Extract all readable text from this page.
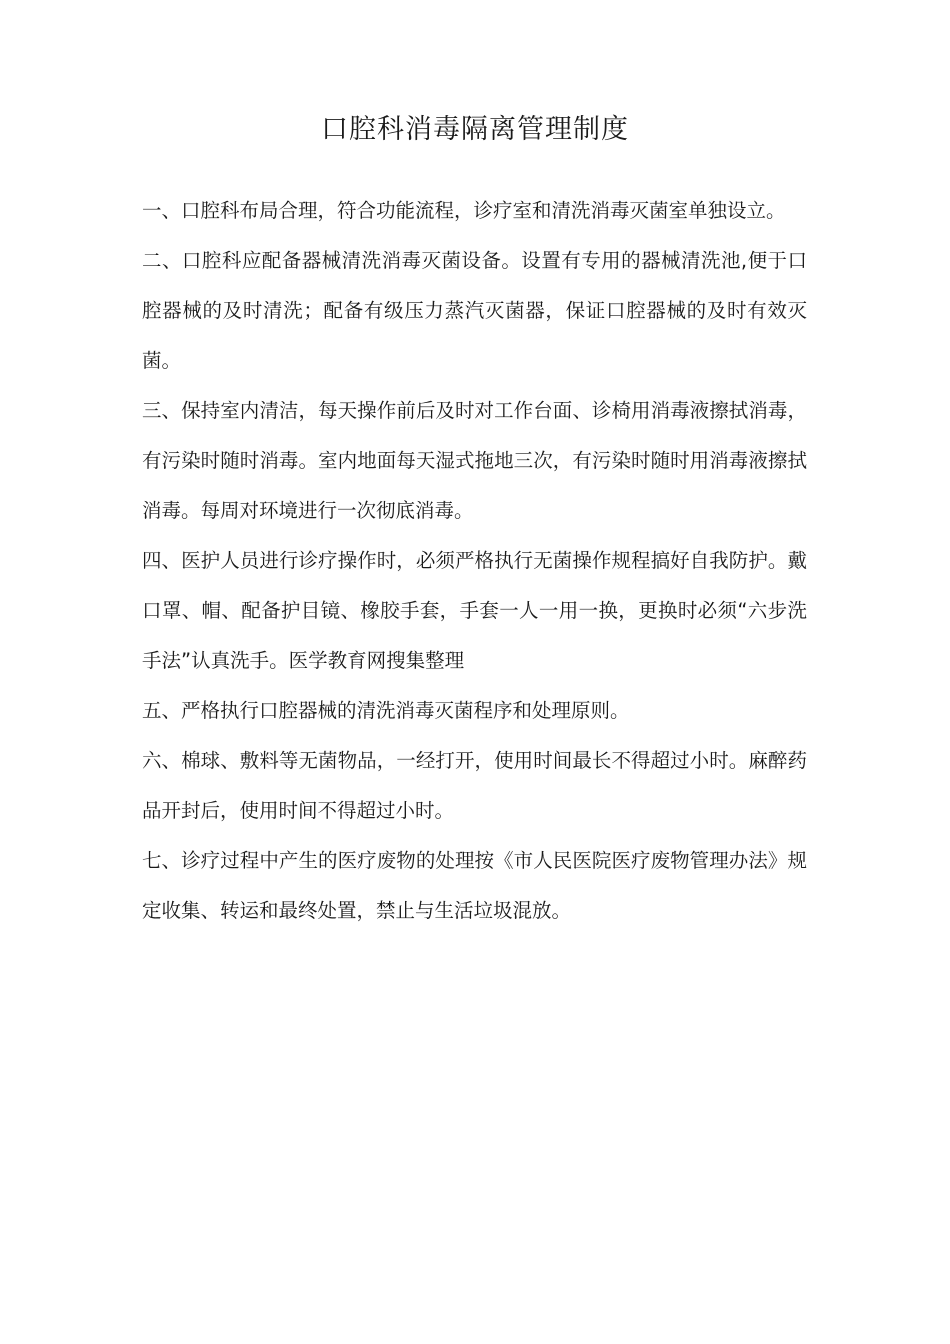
口腔科消毒隔离管理制度

一、口腔科布局合理，符合功能流程，诊疗室和清洗消毒灭菌室单独设立。

二、口腔科应配备器械清洗消毒灭菌设备。设置有专用的器械清洗池,便于口腔器械的及时清洗；配备有级压力蒸汽灭菌器，保证口腔器械的及时有效灭菌。

三、保持室内清洁，每天操作前后及时对工作台面、诊椅用消毒液擦拭消毒，有污染时随时消毒。室内地面每天湿式拖地三次，有污染时随时用消毒液擦拭消毒。每周对环境进行一次彻底消毒。

四、医护人员进行诊疗操作时，必须严格执行无菌操作规程搞好自我防护。戴口罩、帽、配备护目镜、橡胶手套，手套一人一用一换，更换时必须“六步洗手法”认真洗手。医学教育网搜集整理

五、严格执行口腔器械的清洗消毒灭菌程序和处理原则。

六、棉球、敷料等无菌物品，一经打开，使用时间最长不得超过小时。麻醉药品开封后，使用时间不得超过小时。

七、诊疗过程中产生的医疗废物的处理按《市人民医院医疗废物管理办法》规定收集、转运和最终处置，禁止与生活垃圾混放。
